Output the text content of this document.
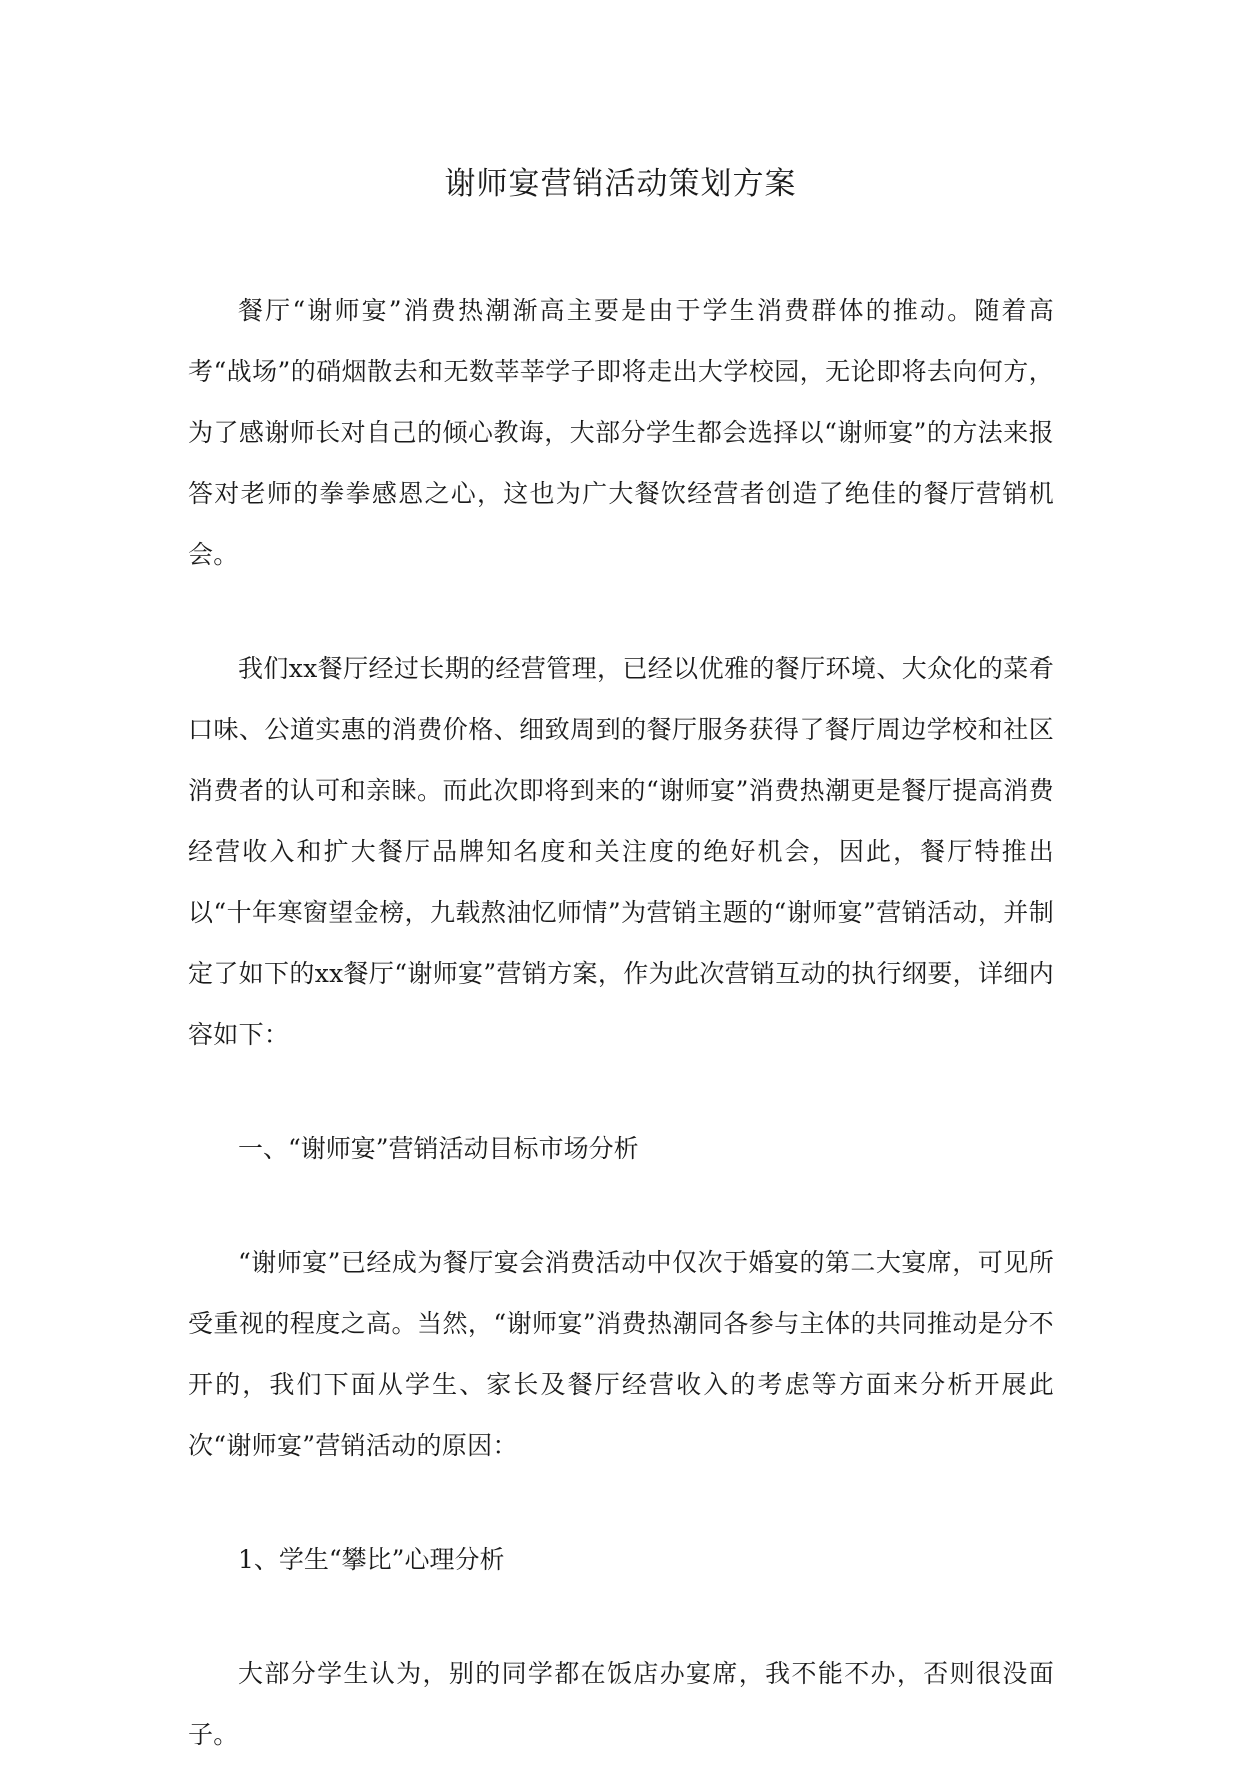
谢师宴营销活动策划方案

餐厅“谢师宴”消费热潮渐高主要是由于学生消费群体的推动。随着高考“战场”的硝烟散去和无数莘莘学子即将走出大学校园，无论即将去向何方，为了感谢师长对自己的倾心教诲，大部分学生都会选择以“谢师宴”的方法来报答对老师的拳拳感恩之心，这也为广大餐饮经营者创造了绝佳的餐厅营销机会。

我们xx餐厅经过长期的经营管理，已经以优雅的餐厅环境、大众化的菜肴口味、公道实惠的消费价格、细致周到的餐厅服务获得了餐厅周边学校和社区消费者的认可和亲睐。而此次即将到来的“谢师宴”消费热潮更是餐厅提高消费经营收入和扩大餐厅品牌知名度和关注度的绝好机会，因此，餐厅特推出以“十年寒窗望金榜，九载熬油忆师情”为营销主题的“谢师宴”营销活动，并制定了如下的xx餐厅“谢师宴”营销方案，作为此次营销互动的执行纲要，详细内容如下：

一、“谢师宴”营销活动目标市场分析

“谢师宴”已经成为餐厅宴会消费活动中仅次于婚宴的第二大宴席，可见所受重视的程度之高。当然，“谢师宴”消费热潮同各参与主体的共同推动是分不开的，我们下面从学生、家长及餐厅经营收入的考虑等方面来分析开展此次“谢师宴”营销活动的原因：

1、学生“攀比”心理分析

大部分学生认为，别的同学都在饭店办宴席，我不能不办，否则很没面子。
